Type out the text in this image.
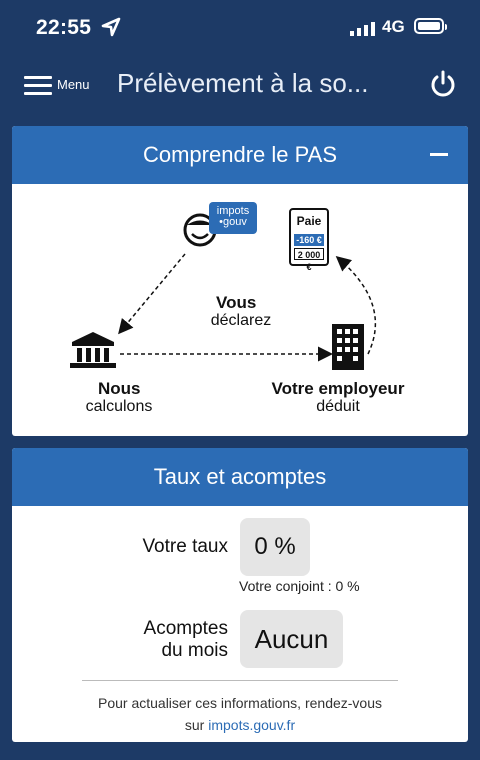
22:55	4G
Menu Prélèvement à la so...
Comprendre le PAS
impots
•gouv
Vous
déclarez
Paie
-160 €
2 000 €
Nous
calculons
Votre employeur
déduit
Taux et acomptes
Votre taux	0 %
Votre conjoint : 0 %
Acomptes
du mois	Aucun
Pour actualiser ces informations, rendez-vous
sur impots.gouv.fr
